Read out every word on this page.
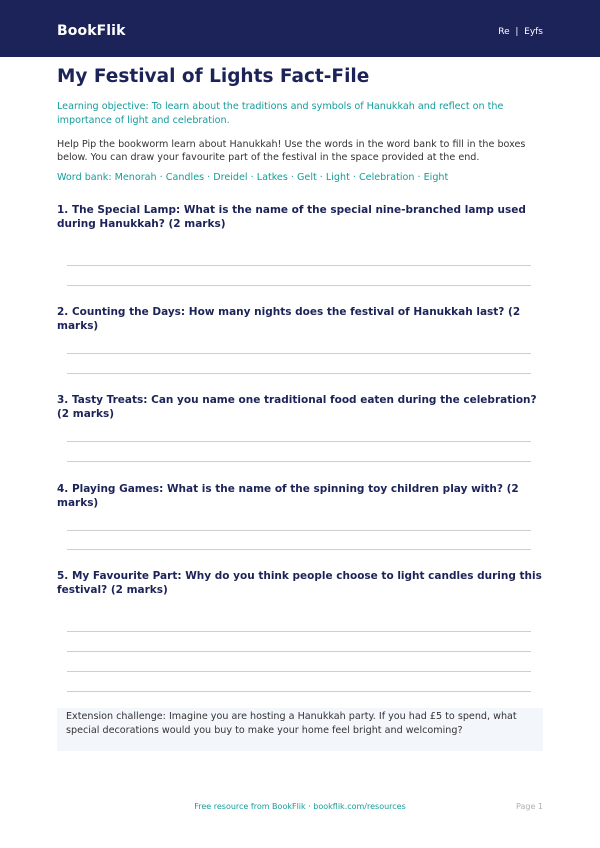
BookFlik	Re  |  Eyfs
My Festival of Lights Fact-File
Learning objective: To learn about the traditions and symbols of Hanukkah and reflect on the importance of light and celebration.
Help Pip the bookworm learn about Hanukkah! Use the words in the word bank to fill in the boxes below. You can draw your favourite part of the festival in the space provided at the end.
Word bank: Menorah · Candles · Dreidel · Latkes · Gelt · Light · Celebration · Eight
1. The Special Lamp: What is the name of the special nine-branched lamp used during Hanukkah? (2 marks)
2. Counting the Days: How many nights does the festival of Hanukkah last? (2 marks)
3. Tasty Treats: Can you name one traditional food eaten during the celebration? (2 marks)
4. Playing Games: What is the name of the spinning toy children play with? (2 marks)
5. My Favourite Part: Why do you think people choose to light candles during this festival? (2 marks)
Extension challenge: Imagine you are hosting a Hanukkah party. If you had £5 to spend, what special decorations would you buy to make your home feel bright and welcoming?
Free resource from BookFlik · bookflik.com/resources	Page 1
